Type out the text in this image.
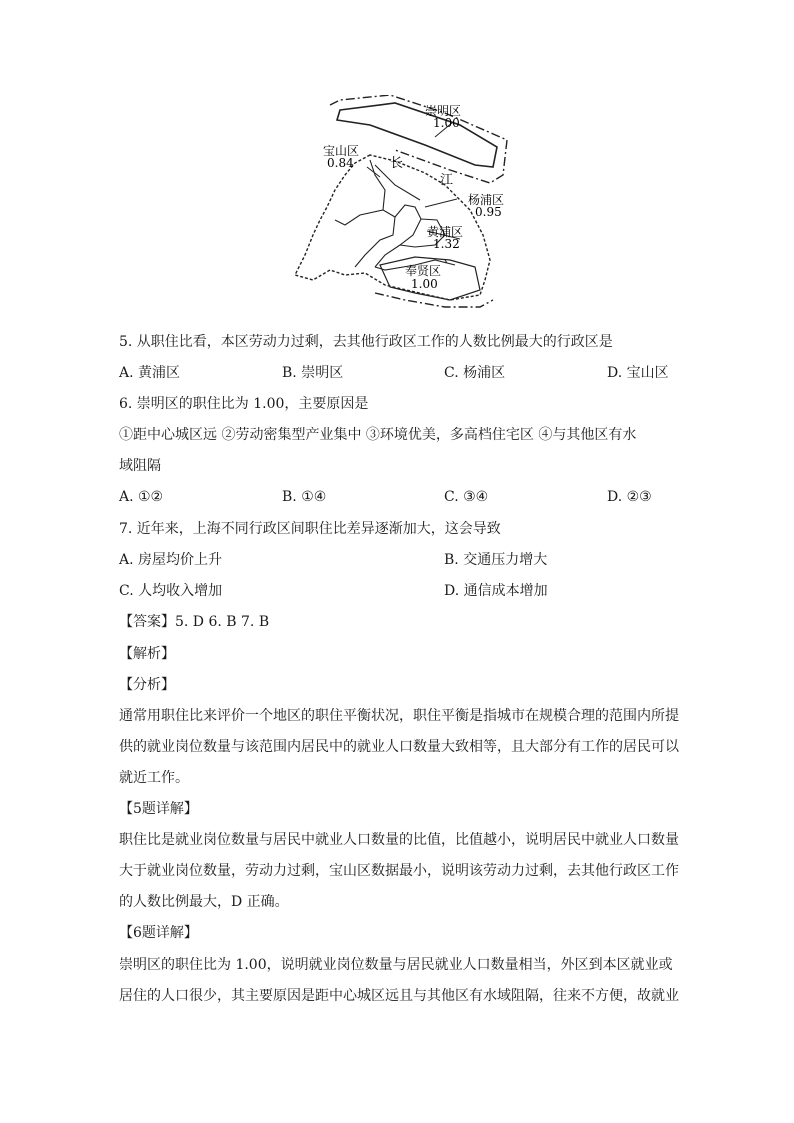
崇明区
1.00
宝山区
0.84	长
江
杨浦区
0.95
黄浦区
1.32
奉贤区
1.00
5. 从职住比看，本区劳动力过剩，去其他行政区工作的人数比例最大的行政区是
A. 黄浦区	B. 崇明区	C. 杨浦区	D. 宝山区
6. 崇明区的职住比为 1.00，主要原因是
①距中心城区远 ②劳动密集型产业集中 ③环境优美，多高档住宅区 ④与其他区有水
域阻隔
A. ①②	B. ①④	C. ③④	D. ②③
7. 近年来，上海不同行政区间职住比差异逐渐加大，这会导致
A. 房屋均价上升	B. 交通压力增大
C. 人均收入增加	D. 通信成本增加
【答案】5. D 6. B 7. B
【解析】
【分析】
通常用职住比来评价一个地区的职住平衡状况，职住平衡是指城市在规模合理的范围内所提
供的就业岗位数量与该范围内居民中的就业人口数量大致相等，且大部分有工作的居民可以
就近工作。
【5题详解】
职住比是就业岗位数量与居民中就业人口数量的比值，比值越小，说明居民中就业人口数量
大于就业岗位数量，劳动力过剩，宝山区数据最小，说明该劳动力过剩，去其他行政区工作
的人数比例最大，D 正确。
【6题详解】
崇明区的职住比为 1.00，说明就业岗位数量与居民就业人口数量相当，外区到本区就业或
居住的人口很少，其主要原因是距中心城区远且与其他区有水域阻隔，往来不方便，故就业
